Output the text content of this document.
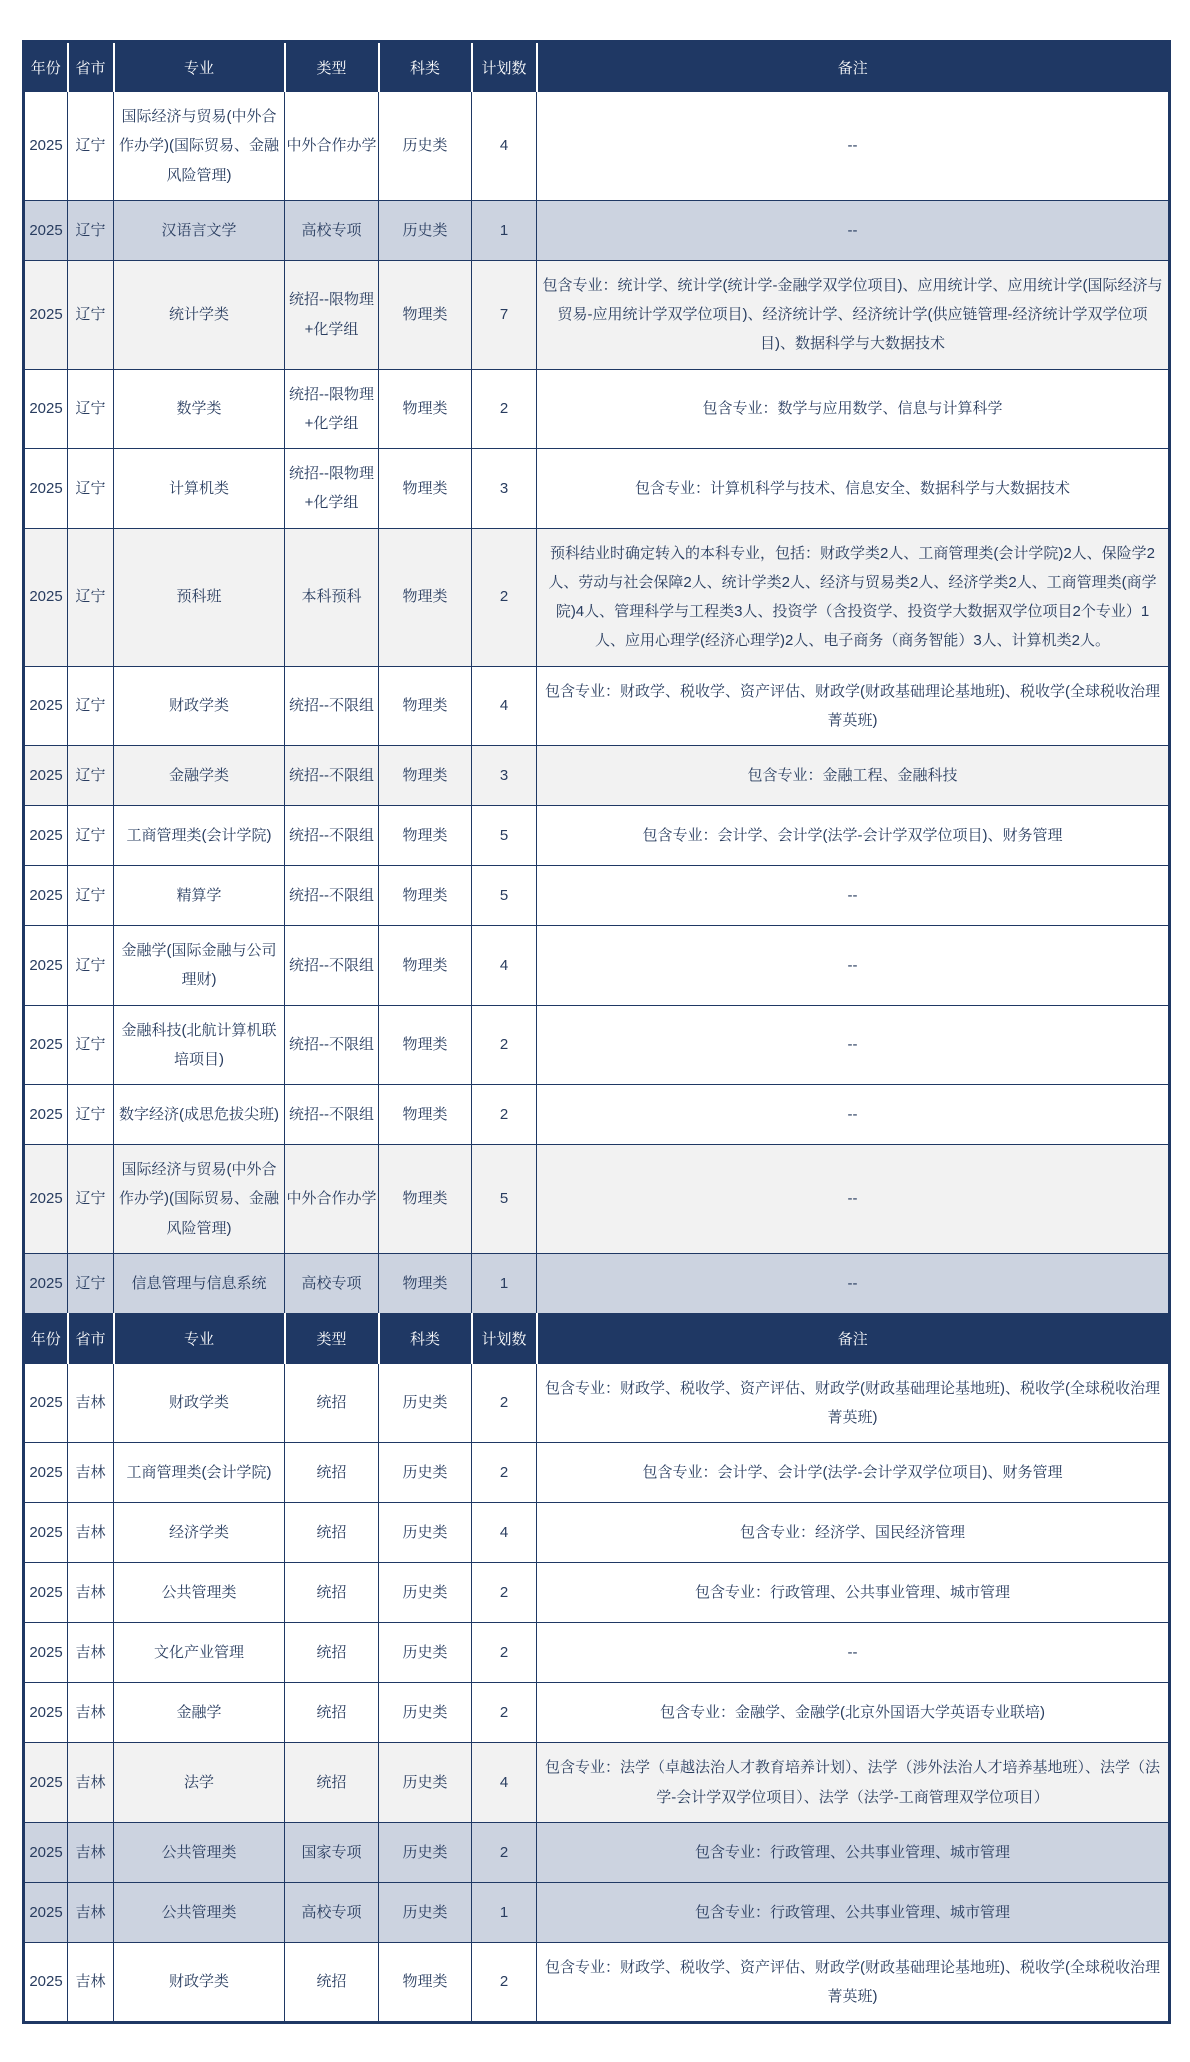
年份	省市	专业	类型	科类	计划数	备注
2025	辽宁	国际经济与贸易(中外合作办学)(国际贸易、金融风险管理)	中外合作办学	历史类	4	--
2025	辽宁	汉语言文学	高校专项	历史类	1	--
2025	辽宁	统计学类	统招--限物理+化学组	物理类	7	包含专业：统计学、统计学(统计学-金融学双学位项目)、应用统计学、应用统计学(国际经济与贸易-应用统计学双学位项目)、经济统计学、经济统计学(供应链管理-经济统计学双学位项目)、数据科学与大数据技术
2025	辽宁	数学类	统招--限物理+化学组	物理类	2	包含专业：数学与应用数学、信息与计算科学
2025	辽宁	计算机类	统招--限物理+化学组	物理类	3	包含专业：计算机科学与技术、信息安全、数据科学与大数据技术
2025	辽宁	预科班	本科预科	物理类	2	预科结业时确定转入的本科专业，包括：财政学类2人、工商管理类(会计学院)2人、保险学2人、劳动与社会保障2人、统计学类2人、经济与贸易类2人、经济学类2人、工商管理类(商学院)4人、管理科学与工程类3人、投资学（含投资学、投资学大数据双学位项目2个专业）1人、应用心理学(经济心理学)2人、电子商务（商务智能）3人、计算机类2人。
2025	辽宁	财政学类	统招--不限组	物理类	4	包含专业：财政学、税收学、资产评估、财政学(财政基础理论基地班)、税收学(全球税收治理菁英班)
2025	辽宁	金融学类	统招--不限组	物理类	3	包含专业：金融工程、金融科技
2025	辽宁	工商管理类(会计学院)	统招--不限组	物理类	5	包含专业：会计学、会计学(法学-会计学双学位项目)、财务管理
2025	辽宁	精算学	统招--不限组	物理类	5	--
2025	辽宁	金融学(国际金融与公司理财)	统招--不限组	物理类	4	--
2025	辽宁	金融科技(北航计算机联培项目)	统招--不限组	物理类	2	--
2025	辽宁	数字经济(成思危拔尖班)	统招--不限组	物理类	2	--
2025	辽宁	国际经济与贸易(中外合作办学)(国际贸易、金融风险管理)	中外合作办学	物理类	5	--
2025	辽宁	信息管理与信息系统	高校专项	物理类	1	--
年份	省市	专业	类型	科类	计划数	备注
2025	吉林	财政学类	统招	历史类	2	包含专业：财政学、税收学、资产评估、财政学(财政基础理论基地班)、税收学(全球税收治理菁英班)
2025	吉林	工商管理类(会计学院)	统招	历史类	2	包含专业：会计学、会计学(法学-会计学双学位项目)、财务管理
2025	吉林	经济学类	统招	历史类	4	包含专业：经济学、国民经济管理
2025	吉林	公共管理类	统招	历史类	2	包含专业：行政管理、公共事业管理、城市管理
2025	吉林	文化产业管理	统招	历史类	2	--
2025	吉林	金融学	统招	历史类	2	包含专业：金融学、金融学(北京外国语大学英语专业联培)
2025	吉林	法学	统招	历史类	4	包含专业：法学（卓越法治人才教育培养计划）、法学（涉外法治人才培养基地班）、法学（法学-会计学双学位项目）、法学（法学-工商管理双学位项目）
2025	吉林	公共管理类	国家专项	历史类	2	包含专业：行政管理、公共事业管理、城市管理
2025	吉林	公共管理类	高校专项	历史类	1	包含专业：行政管理、公共事业管理、城市管理
2025	吉林	财政学类	统招	物理类	2	包含专业：财政学、税收学、资产评估、财政学(财政基础理论基地班)、税收学(全球税收治理菁英班)
